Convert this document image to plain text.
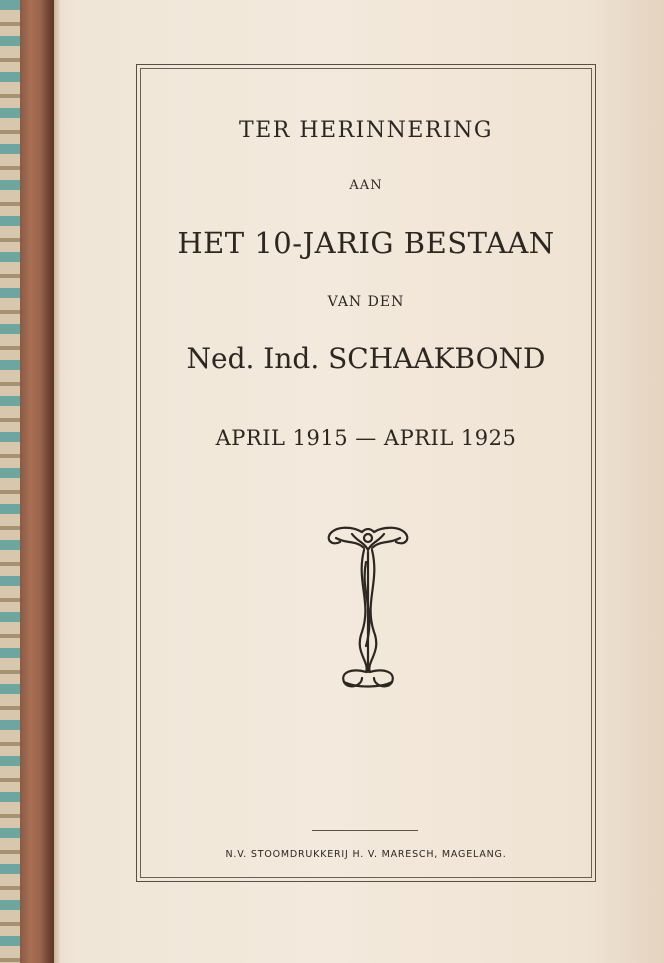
TER HERINNERING
AAN
HET 10-JARIG BESTAAN
VAN DEN
Ned. Ind. SCHAAKBOND
APRIL 1915 — APRIL 1925
N.V. STOOMDRUKKERIJ H. V. MARESCH, MAGELANG.
